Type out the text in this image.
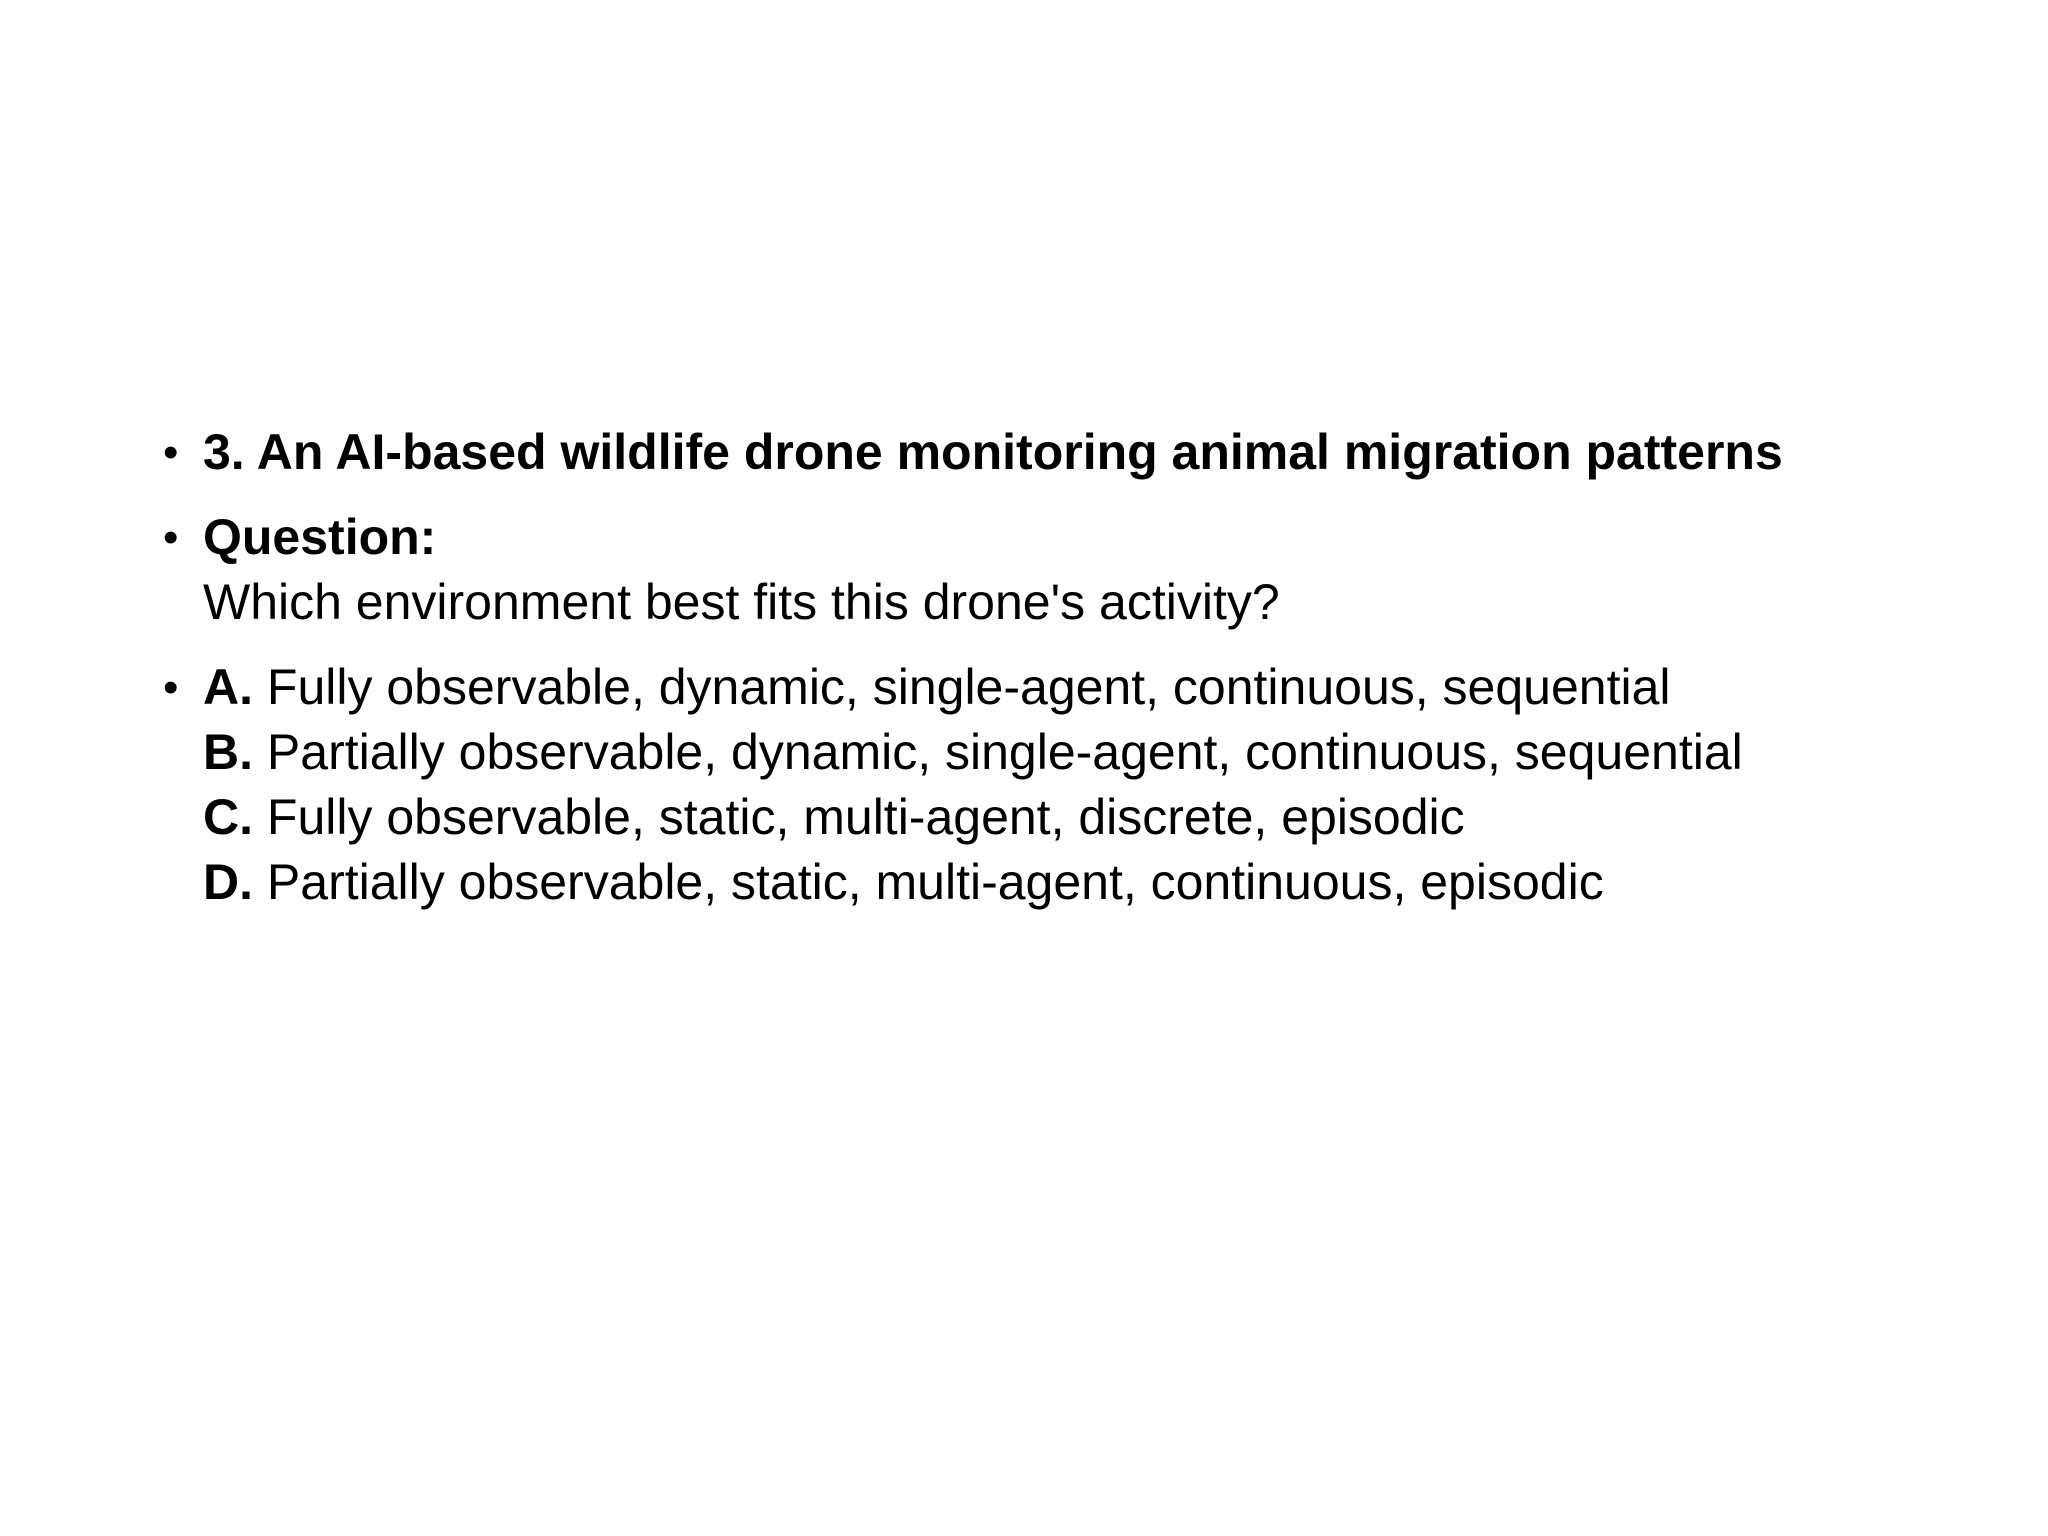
• 3. An AI-based wildlife drone monitoring animal migration patterns
• Question:
Which environment best fits this drone's activity?
• A. Fully observable, dynamic, single-agent, continuous, sequential
B. Partially observable, dynamic, single-agent, continuous, sequential
C. Fully observable, static, multi-agent, discrete, episodic
D. Partially observable, static, multi-agent, continuous, episodic
